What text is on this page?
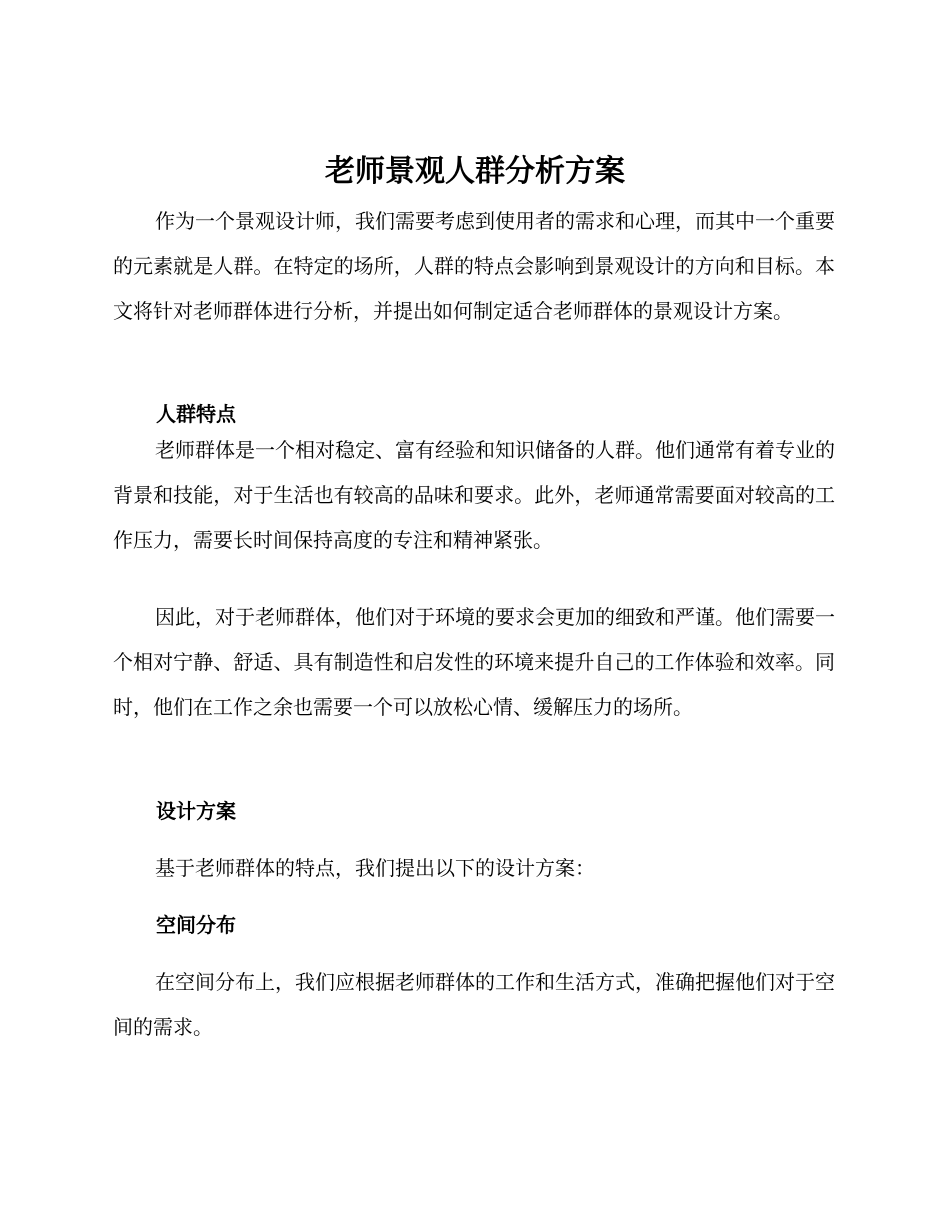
老师景观人群分析方案

作为一个景观设计师，我们需要考虑到使用者的需求和心理，而其中一个重要的元素就是人群。在特定的场所，人群的特点会影响到景观设计的方向和目标。本文将针对老师群体进行分析，并提出如何制定适合老师群体的景观设计方案。

人群特点

老师群体是一个相对稳定、富有经验和知识储备的人群。他们通常有着专业的背景和技能，对于生活也有较高的品味和要求。此外，老师通常需要面对较高的工作压力，需要长时间保持高度的专注和精神紧张。

因此，对于老师群体，他们对于环境的要求会更加的细致和严谨。他们需要一个相对宁静、舒适、具有制造性和启发性的环境来提升自己的工作体验和效率。同时，他们在工作之余也需要一个可以放松心情、缓解压力的场所。

设计方案

基于老师群体的特点，我们提出以下的设计方案：

空间分布

在空间分布上，我们应根据老师群体的工作和生活方式，准确把握他们对于空间的需求。
